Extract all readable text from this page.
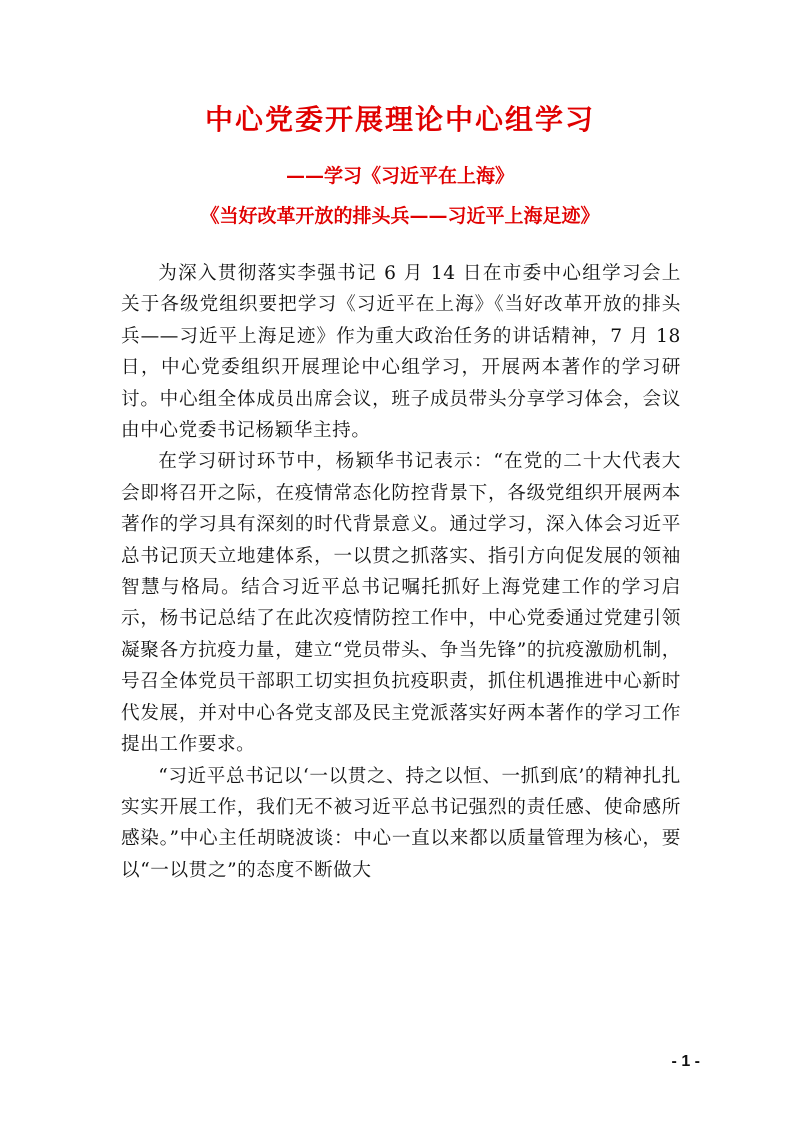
中心党委开展理论中心组学习
——学习《习近平在上海》
《当好改革开放的排头兵——习近平上海足迹》

为深入贯彻落实李强书记 6 月 14 日在市委中心组学习会上关于各级党组织要把学习《习近平在上海》《当好改革开放的排头兵——习近平上海足迹》作为重大政治任务的讲话精神，7 月 18 日，中心党委组织开展理论中心组学习，开展两本著作的学习研讨。中心组全体成员出席会议，班子成员带头分享学习体会，会议由中心党委书记杨颖华主持。

在学习研讨环节中，杨颖华书记表示：“在党的二十大代表大会即将召开之际，在疫情常态化防控背景下，各级党组织开展两本著作的学习具有深刻的时代背景意义。通过学习，深入体会习近平总书记顶天立地建体系，一以贯之抓落实、指引方向促发展的领袖智慧与格局。结合习近平总书记嘱托抓好上海党建工作的学习启示，杨书记总结了在此次疫情防控工作中，中心党委通过党建引领凝聚各方抗疫力量，建立“党员带头、争当先锋”的抗疫激励机制，号召全体党员干部职工切实担负抗疫职责，抓住机遇推进中心新时代发展，并对中心各党支部及民主党派落实好两本著作的学习工作提出工作要求。

“习近平总书记以‘一以贯之、持之以恒、一抓到底’的精神扎扎实实开展工作，我们无不被习近平总书记强烈的责任感、使命感所感染。”中心主任胡晓波谈：中心一直以来都以质量管理为核心，要以“一以贯之”的态度不断做大

- 1 -
